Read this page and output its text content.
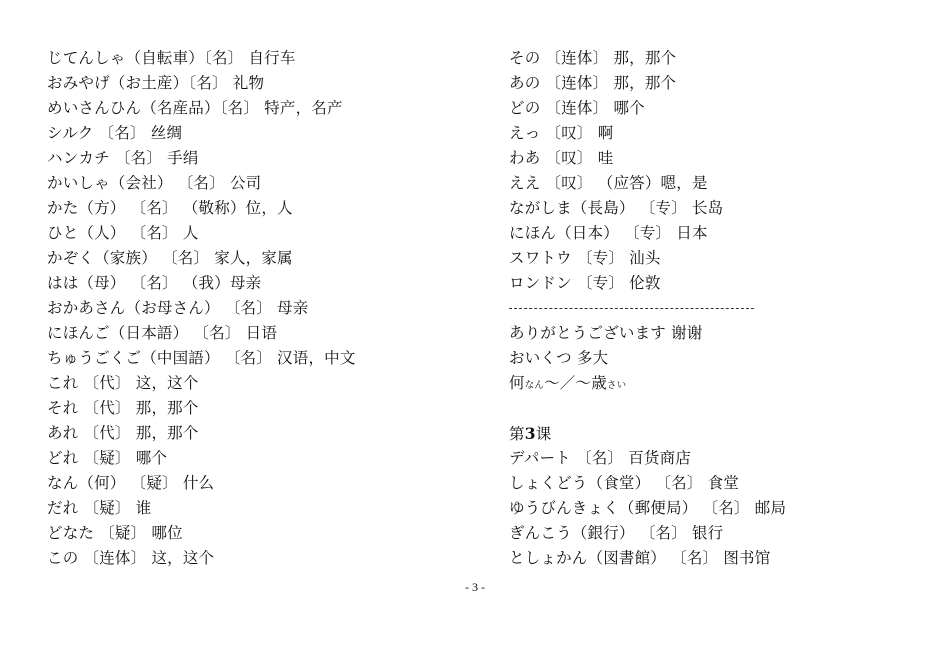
じてんしゃ（自転車）〔名〕 自行车
おみやげ（お土産）〔名〕 礼物
めいさんひん（名産品）〔名〕 特产，名产
シルク 〔名〕 丝绸
ハンカチ 〔名〕 手绢
かいしゃ（会社） 〔名〕 公司
かた（方） 〔名〕 （敬称）位，人
ひと（人） 〔名〕 人
かぞく（家族） 〔名〕 家人，家属
はは（母） 〔名〕 （我）母亲
おかあさん（お母さん） 〔名〕 母亲
にほんご（日本語） 〔名〕 日语
ちゅうごくご（中国語） 〔名〕 汉语，中文
これ 〔代〕 这，这个
それ 〔代〕 那，那个
あれ 〔代〕 那，那个
どれ 〔疑〕 哪个
なん（何） 〔疑〕 什么
だれ 〔疑〕 谁
どなた 〔疑〕 哪位
この 〔连体〕 这，这个
その 〔连体〕 那，那个
あの 〔连体〕 那，那个
どの 〔连体〕 哪个
えっ 〔叹〕 啊
わあ 〔叹〕 哇
ええ 〔叹〕 （应答）嗯，是
ながしま（長島） 〔专〕 长岛
にほん（日本） 〔专〕 日本
スワトウ 〔专〕 汕头
ロンドン 〔专〕 伦敦
ありがとうございます 谢谢
おいくつ 多大
何なん～／～歳さい
第3课
デパート 〔名〕 百货商店
しょくどう（食堂） 〔名〕 食堂
ゆうびんきょく（郵便局） 〔名〕 邮局
ぎんこう（銀行） 〔名〕 银行
としょかん（図書館） 〔名〕 图书馆
- 3 -
